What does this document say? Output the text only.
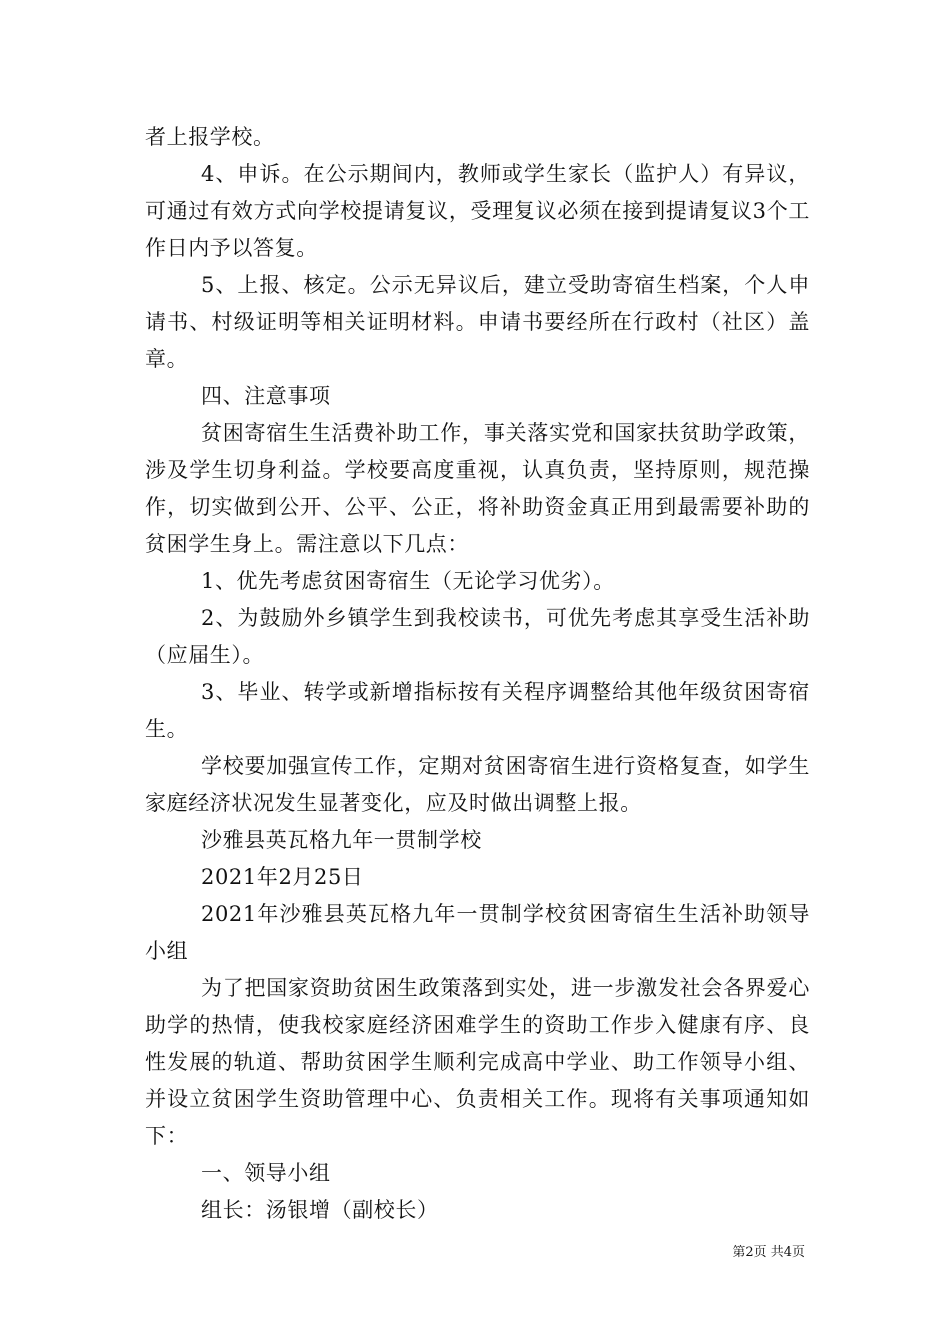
者上报学校。

4、申诉。在公示期间内，教师或学生家长（监护人）有异议，可通过有效方式向学校提请复议，受理复议必须在接到提请复议3个工作日内予以答复。

5、上报、核定。公示无异议后，建立受助寄宿生档案，个人申请书、村级证明等相关证明材料。申请书要经所在行政村（社区）盖章。

四、注意事项

贫困寄宿生生活费补助工作，事关落实党和国家扶贫助学政策，涉及学生切身利益。学校要高度重视，认真负责，坚持原则，规范操作，切实做到公开、公平、公正，将补助资金真正用到最需要补助的贫困学生身上。需注意以下几点：

1、优先考虑贫困寄宿生（无论学习优劣）。

2、为鼓励外乡镇学生到我校读书，可优先考虑其享受生活补助（应届生）。

3、毕业、转学或新增指标按有关程序调整给其他年级贫困寄宿生。

学校要加强宣传工作，定期对贫困寄宿生进行资格复查，如学生家庭经济状况发生显著变化，应及时做出调整上报。

沙雅县英瓦格九年一贯制学校

2021年2月25日

2021年沙雅县英瓦格九年一贯制学校贫困寄宿生生活补助领导小组

为了把国家资助贫困生政策落到实处，进一步激发社会各界爱心助学的热情，使我校家庭经济困难学生的资助工作步入健康有序、良性发展的轨道、帮助贫困学生顺利完成高中学业、助工作领导小组、并设立贫困学生资助管理中心、负责相关工作。现将有关事项通知如下：

一、领导小组

组长：汤银增（副校长）

第2页 共4页
